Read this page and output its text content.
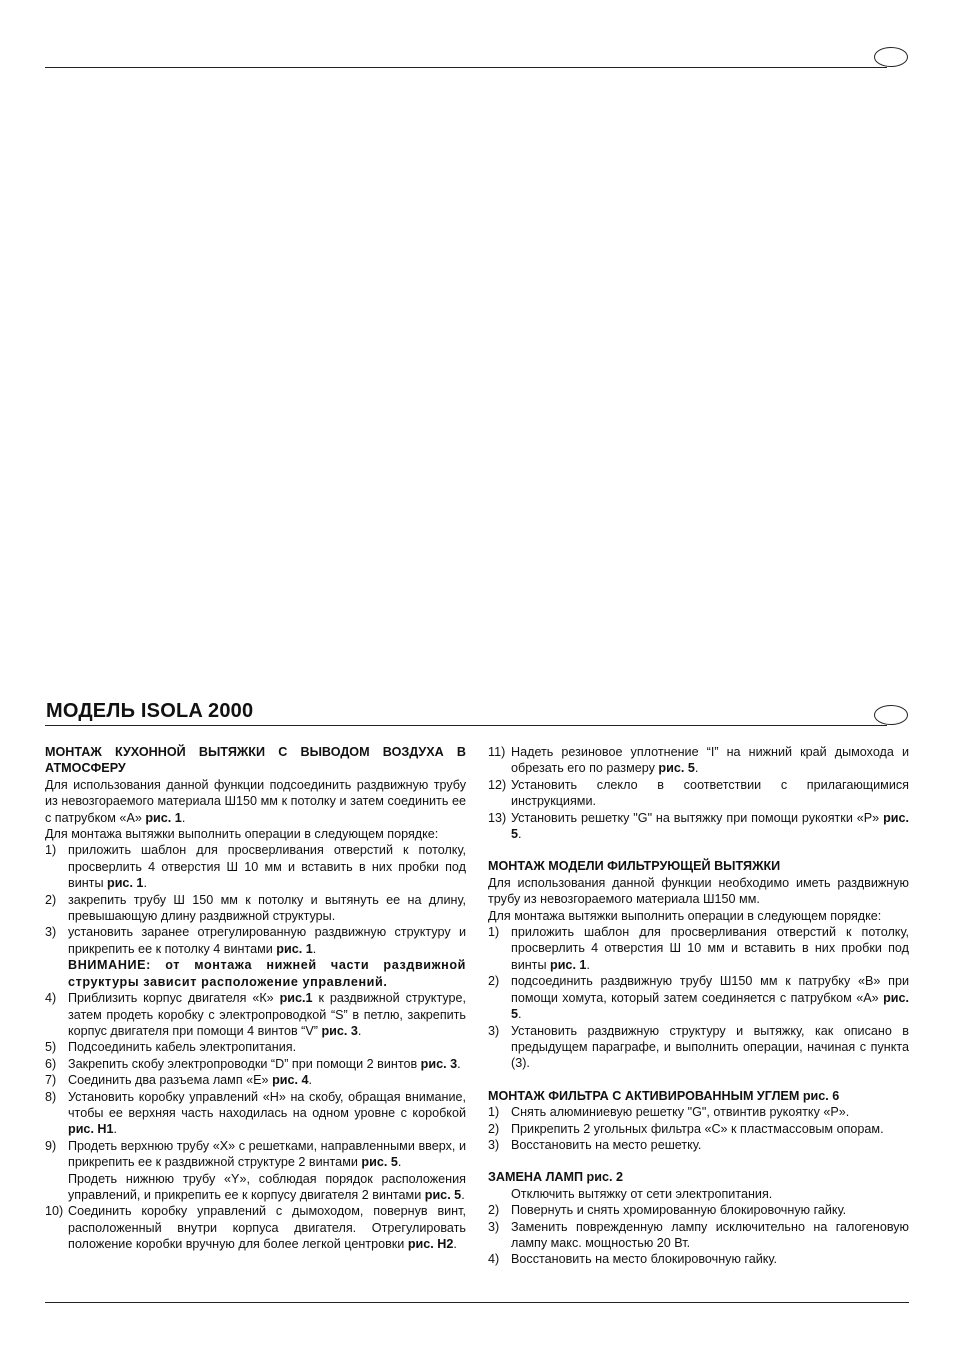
МОДЕЛЬ ISOLA 2000

МОНТАЖ КУХОННОЙ ВЫТЯЖКИ С ВЫВОДОМ ВОЗДУХА В АТМОСФЕРУ

Для использования данной функции подсоединить раздвижную трубу из невозгораемого материала Ш150 мм к потолку и затем соединить ее с патрубком «А» рис. 1.

Для монтажа вытяжки выполнить операции в следующем порядке:

1) приложить шаблон для просверливания отверстий к потолку, просверлить 4 отверстия Ш 10 мм и вставить в них пробки под винты рис. 1.
2) закрепить трубу Ш 150 мм к потолку и вытянуть ее на длину, превышающую длину раздвижной структуры.
3) установить заранее отрегулированную раздвижную структуру и прикрепить ее к потолку 4 винтами рис. 1.
ВНИМАНИЕ: от монтажа нижней части раздвижной структуры зависит расположение управлений.
4) Приблизить корпус двигателя «К» рис.1 к раздвижной структуре, затем продеть коробку с электропроводкой “S” в петлю, закрепить корпус двигателя при помощи 4 винтов “V” рис. 3.
5) Подсоединить кабель электропитания.
6) Закрепить скобу электропроводки “D” при помощи 2 винтов рис. 3.
7) Соединить два разъема ламп «E» рис. 4.
8) Установить коробку управлений «H» на скобу, обращая внимание, чтобы ее верхняя часть находилась на одном уровне с коробкой рис. H1.
9) Продеть верхнюю трубу «X» с решетками, направленными вверх, и прикрепить ее к раздвижной структуре 2 винтами рис. 5.
Продеть нижнюю трубу «Y», соблюдая порядок расположения управлений, и прикрепить ее к корпусу двигателя 2 винтами рис. 5.
10) Соединить коробку управлений с дымоходом, повернув винт, расположенный внутри корпуса двигателя. Отрегулировать положение коробки вручную для более легкой центровки рис. H2.
11) Надеть резиновое уплотнение “I” на нижний край дымохода и обрезать его по размеру рис. 5.
12) Установить слекло в соответствии с прилагающимися инструкциями.
13) Установить решетку "G" на вытяжку при помощи рукоятки «P» рис. 5.

МОНТАЖ МОДЕЛИ ФИЛЬТРУЮЩЕЙ ВЫТЯЖКИ

Для использования данной функции необходимо иметь раздвижную трубу из невозгораемого материала Ш150 мм.

Для монтажа вытяжки выполнить операции в следующем порядке:

1) приложить шаблон для просверливания отверстий к потолку, просверлить 4 отверстия Ш 10 мм и вставить в них пробки под винты рис. 1.
2) подсоединить раздвижную трубу Ш150 мм к патрубку «В» при помощи хомута, который затем соединяется с патрубком «А» рис. 5.
3) Установить раздвижную структуру и вытяжку, как описано в предыдущем параграфе, и выполнить операции, начиная с пункта (3).

МОНТАЖ ФИЛЬТРА С АКТИВИРОВАННЫМ УГЛЕМ рис. 6

1) Снять алюминиевую решетку "G", отвинтив рукоятку «P».
2) Прикрепить 2 угольных фильтра «С» к пластмассовым опорам.
3) Восстановить на место решетку.

ЗАМЕНА ЛАМП рис. 2

Отключить вытяжку от сети электропитания.
2) Повернуть и снять хромированную блокировочную гайку.
3) Заменить поврежденную лампу исключительно на галогеновую лампу макс. мощностью 20 Вт.
4) Восстановить на место блокировочную гайку.
